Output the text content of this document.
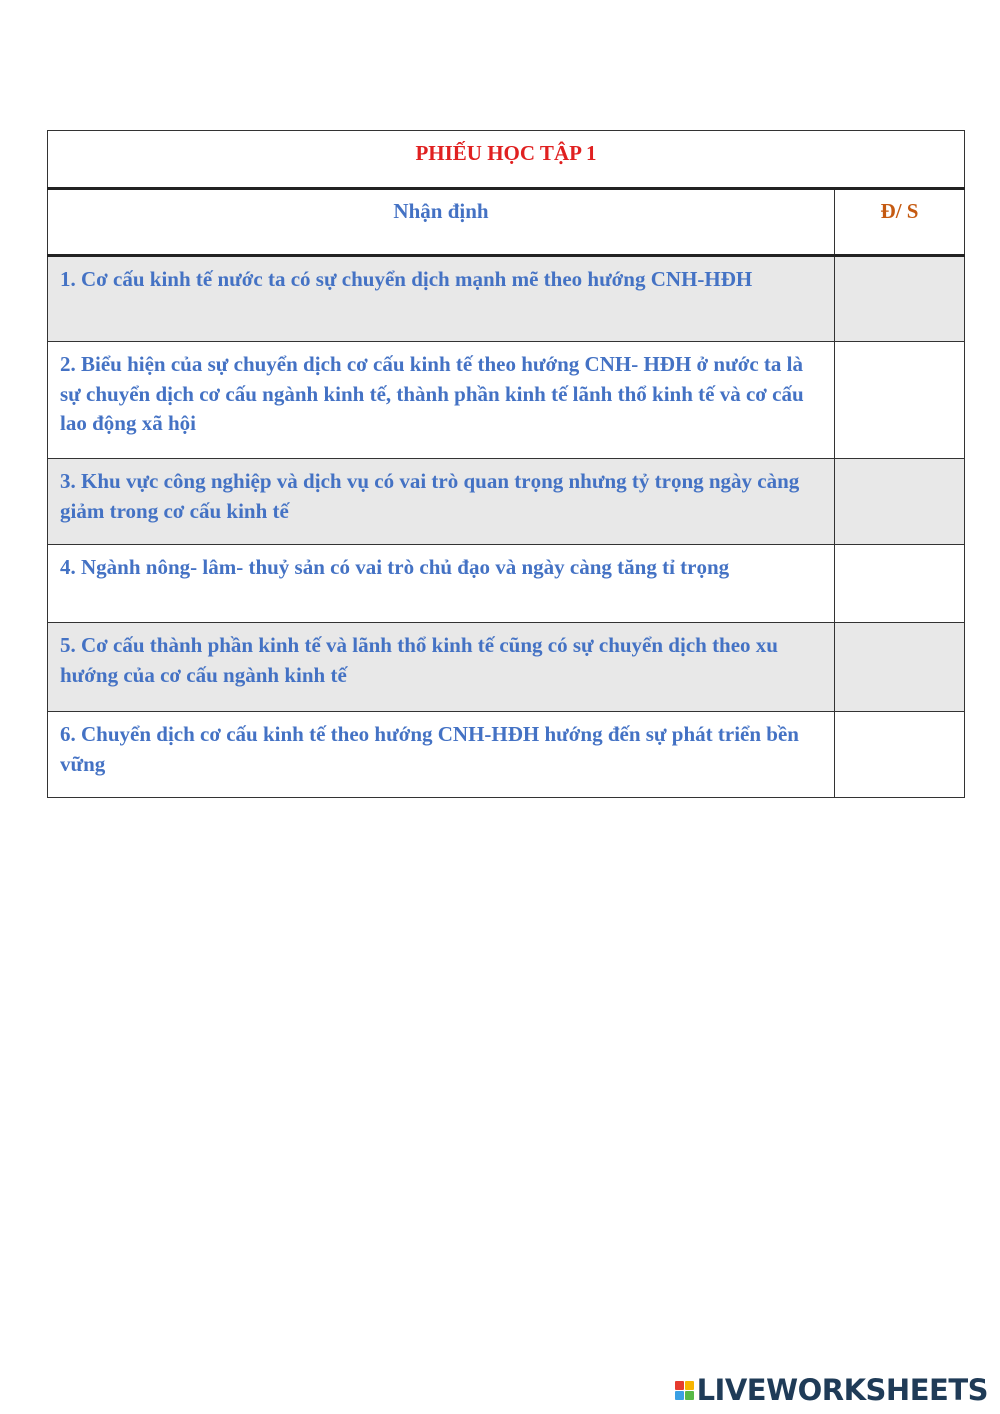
PHIẾU HỌC TẬP 1	
Nhận định	Đ/ S
1. Cơ cấu kinh tế nước ta có sự chuyển dịch mạnh mẽ theo hướng CNH-HĐH	
2. Biểu hiện của sự chuyển dịch cơ cấu kinh tế theo hướng CNH- HĐH ở nước ta là sự chuyển dịch cơ cấu ngành kinh tế, thành phần kinh tế lãnh thổ kinh tế và cơ cấu lao động xã hội	
3. Khu vực công nghiệp và dịch vụ có vai trò quan trọng nhưng tỷ trọng ngày càng giảm trong cơ cấu kinh tế	
4. Ngành nông- lâm- thuỷ sản có vai trò chủ đạo và ngày càng tăng tỉ trọng	
5. Cơ cấu thành phần kinh tế và lãnh thổ kinh tế cũng có sự chuyển dịch theo xu hướng của cơ cấu ngành kinh tế	
6. Chuyển dịch cơ cấu kinh tế theo hướng CNH-HĐH hướng đến sự phát triển bền vững	
LIVEWORKSHEETS
